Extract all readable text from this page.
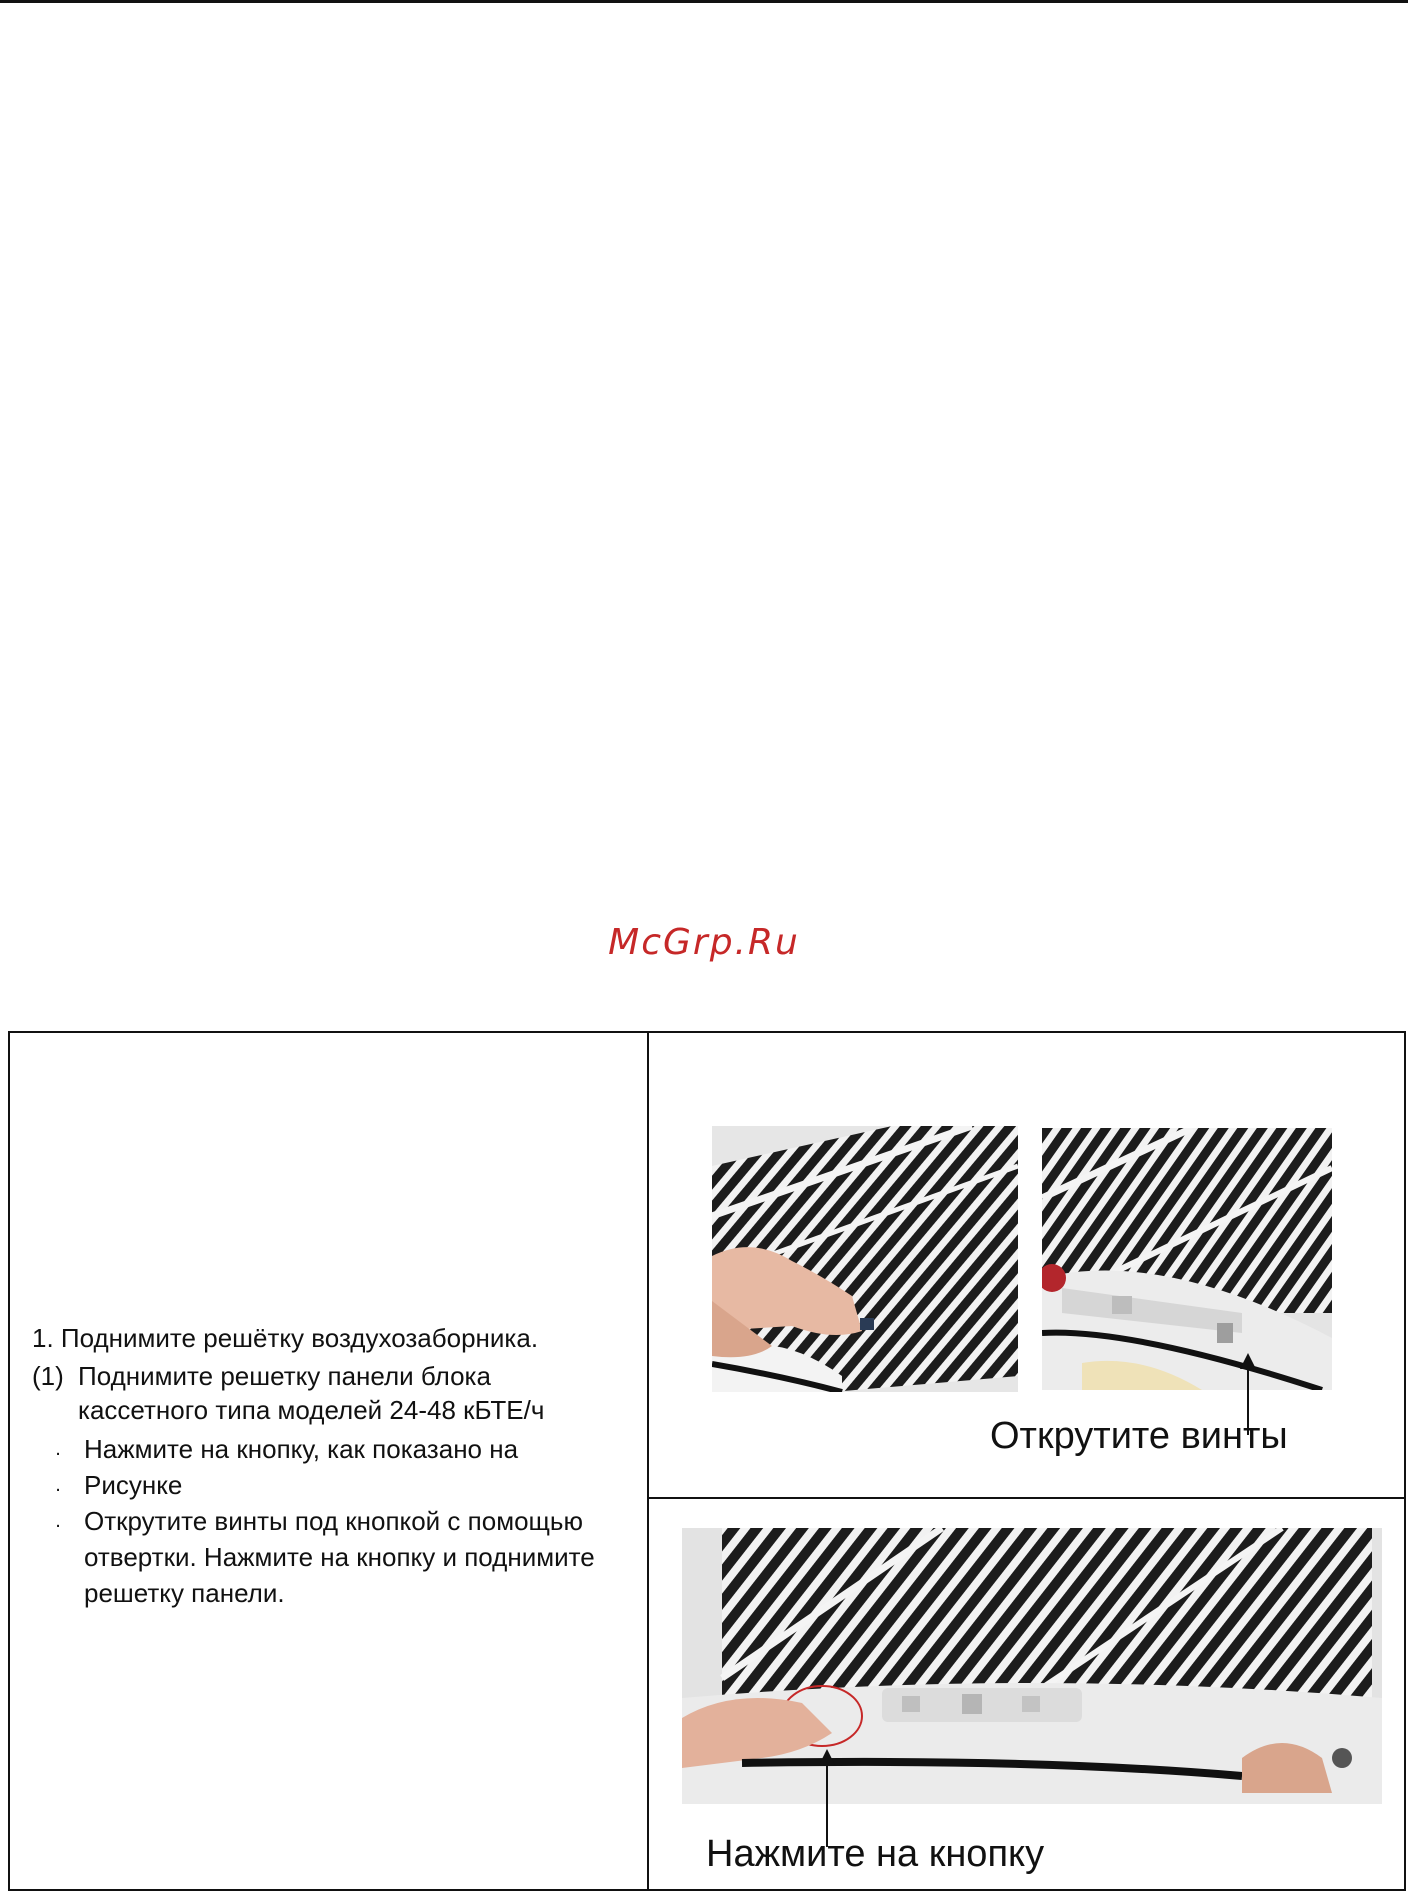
McGrp.Ru
1. Поднимите решётку воздухозаборника.
(1) Поднимите решетку панели блока
кассетного типа моделей 24-48 кБТЕ/ч
. Нажмите на кнопку, как показано на
. Рисунке
. Открутите винты под кнопкой с помощью отвертки. Нажмите на кнопку и поднимите решетку панели.
Открутите винты
Нажмите на кнопку
